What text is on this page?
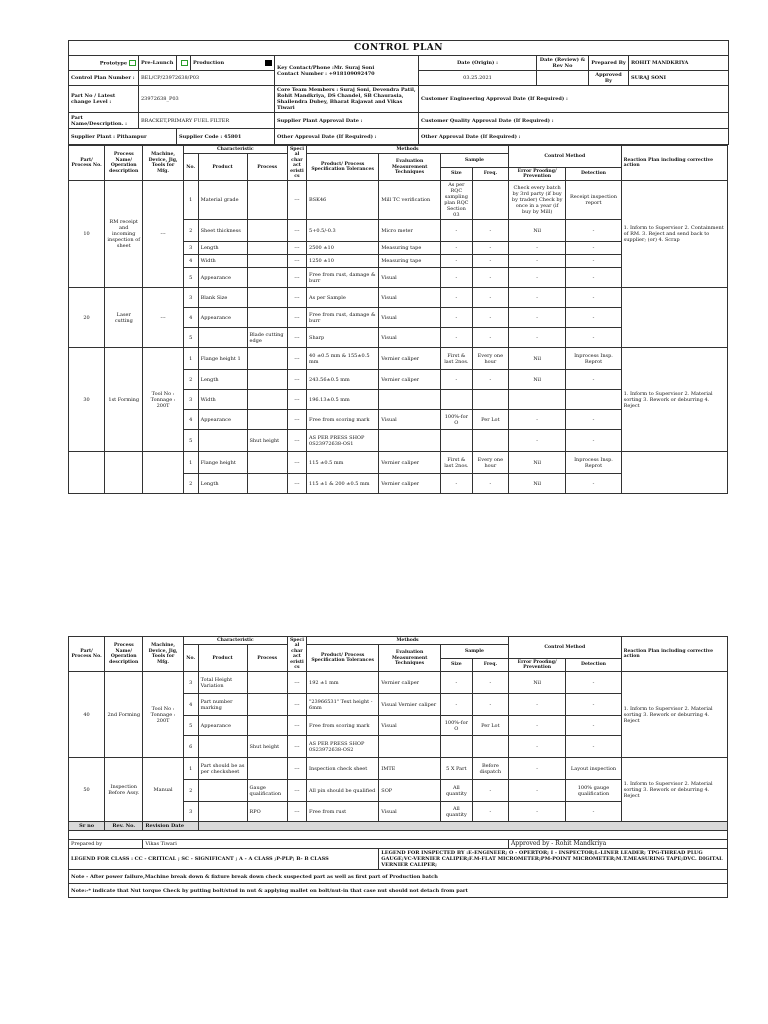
CONTROL PLAN								
Prototype	Pre-Launch		Production	Key Contact/Phone :Mr. Suraj Soni
Contact Number : +918109092470	Date (Origin) :	Date (Review) & Rev No	Prepared By	ROHIT MANDKRIYA
Control Plan Number :	BEL/CP/23972638/P03				03.25.2021		Approved By	SURAJ SONI
Part No / Latest change Level :	23972638_P03			Core Team Members : Suraj Soni, Devendra Patil, Rohit Mandkriya, DS Chandel, SB Chaurasia, Shailendra Dubey, Bharat Rajawat and Vikas Tiwari	Customer Engineering Approval Date (If Required) :			
Part Name/Description. :	BRACKET,PRIMARY FUEL FILTER			Supplier Plant Approval Date :	Customer Quality Approval Date (If Required) :			
Supplier Plant : Pithampur		Supplier Code : 45801		Other Approval Date (If Required) :	Other Approval Date (If Required) :			
Part/ Process No.	Process Name/ Operation description	Machine, Device, Jig, Tools for Mfg.	Characteristic			Special charact eristics	Methods				Control Method		Reaction Plan including corrective action
			No.	Product	Process		Product/ Process Specification Tolerances	Evaluation Measurement Techniques	Sample				
									Size	Freq.	Error Proofing/ Prevention	Detection	
10	RM receipt and incoming inspection of sheet	---	1	Material grade		---	BSK46	Mill TC verification	As per RQC sampling plan RQC Section 03		Check every batch by 3rd party (if buy by trader) Check by once in a year (if buy by Mill)	Receipt inspection report	1. Inform to Supervisor 2. Containment of RM. 3. Reject and send back to supplier; (or) 4. Scrap
			2	Sheet thickness		---	5+0.5/-0.3	Micro meter	-	-	Nil	-	
			3	Length		---	2500 ±10	Measuring tape	-	-	-	-	
			4	Width		---	1250 ±10	Measuring tape	-	-	-	-	
			5	Appearance		---	Free from rust, damage & burr	Visual	-	-	-	-	
20	Laser cutting	---	3	Blank Size		---	As per Sample	Visual	-	-	-	-	
			4	Appearance		---	Free from rust, damage & burr	Visual	-	-	-	-	
			5		Blade cutting edge	---	Sharp	Visual	-	-	-	-	
30	1st Forming	Tool No : Tonnage : 200T	1	Flange height 1		---	40 ±0.5 mm & 155±0.5 mm	Vernier caliper	First & last 2nos.	Every one hour	Nil	Inprocess Insp. Reprot	1. Inform to Supervisor 2. Material sorting 3. Rework or deburring 4. Reject
			2	Length		---	243.56±0.5 mm	Vernier caliper	-	-	Nil	-	
			3	Width		---	196.13±0.5 mm						
			4	Appearance		---	Free from scoring mark	Visual	100%-for O	Per Lot	-	-	
			5		Shut height	---	AS PER PRESS SHOP 0S23972638-OS1				-	-	
			1	Flange height		---	115 ±0.5 mm	Vernier caliper	First & last 2nos.	Every one hour	Nil	Inprocess Insp. Reprot	
			2	Length		---	115 ±1 & 200 ±0.5 mm	Vernier caliper	-	-	Nil	-	
Part/ Process No.	Process Name/ Operation description	Machine, Device, Jig, Tools for Mfg.	Characteristic			Special charact eristics	Methods				Control Method		Reaction Plan including corrective action
			No.	Product	Process		Product/ Process Specification Tolerances	Evaluation Measurement Techniques	Sample				
									Size	Freq.	Error Proofing/ Prevention	Detection	
40	2nd Forming	Tool No : Tonnage : 200T	3	Total Height Variation		---	192 ±1 mm	Vernier caliper	-	-	Nil	-	1. Inform to Supervisor 2. Material sorting 3. Rework or deburring 4. Reject
			4	Part number marking		---	"23966531" Text height - 6mm	Visual Vernier caliper	-	-	-	-	
			5	Appearance		---	Free from scoring mark	Visual	100%-for O	Per Lot	-	-	
			6		Shut height	---	AS PER PRESS SHOP 0S23972638-OS2				-	-	
50	Inspection Before Assy.	Manual	1	Part should be as per checksheet		---	Inspection check sheet	IMTE	5 X Part	Before dispatch	-	Layout inspection	1. Inform to Supervisor 2. Material sorting 3. Rework or deburring 4. Reject
			2		Gauge qualification	---	All pin should be qualified	SOP	All quantity	-	-	100% gauge qualification	
			3		RPO	---	Free from rust	Visual	All quantity	-	-	-	
Sr no	Rev. No.	Revision Date											

Prepared by		Vikas Tiwari									Approved by - Rohit Mandkriya		
LEGEND FOR CLASS : CC - CRITICAL ; SC - SIGNIFICANT ; A - A CLASS ;P-PLP; B- B CLASS								LEGEND FOR INSPECTED BY :E-ENGINEER; O - OPERTOR; I - INSPECTOR;L-LINER LEADER; TPG-THREAD PLUG GAUGE;VC-VERNIER CALIPER;F.M-FLAT MICROMETER;PM-POINT MICROMETER;M.T.MEASURING TAPE;DVC. DIGITAL VERNIER CALIPER;					
Note - After power failure,Machine break down & fixture break down check suspected part as well as first part of Production batch													
Note:-* indicate that Nut torque Check by putting bolt/stud in nut & applying mallet on bolt/nut-in that case nut should not detach from part													
